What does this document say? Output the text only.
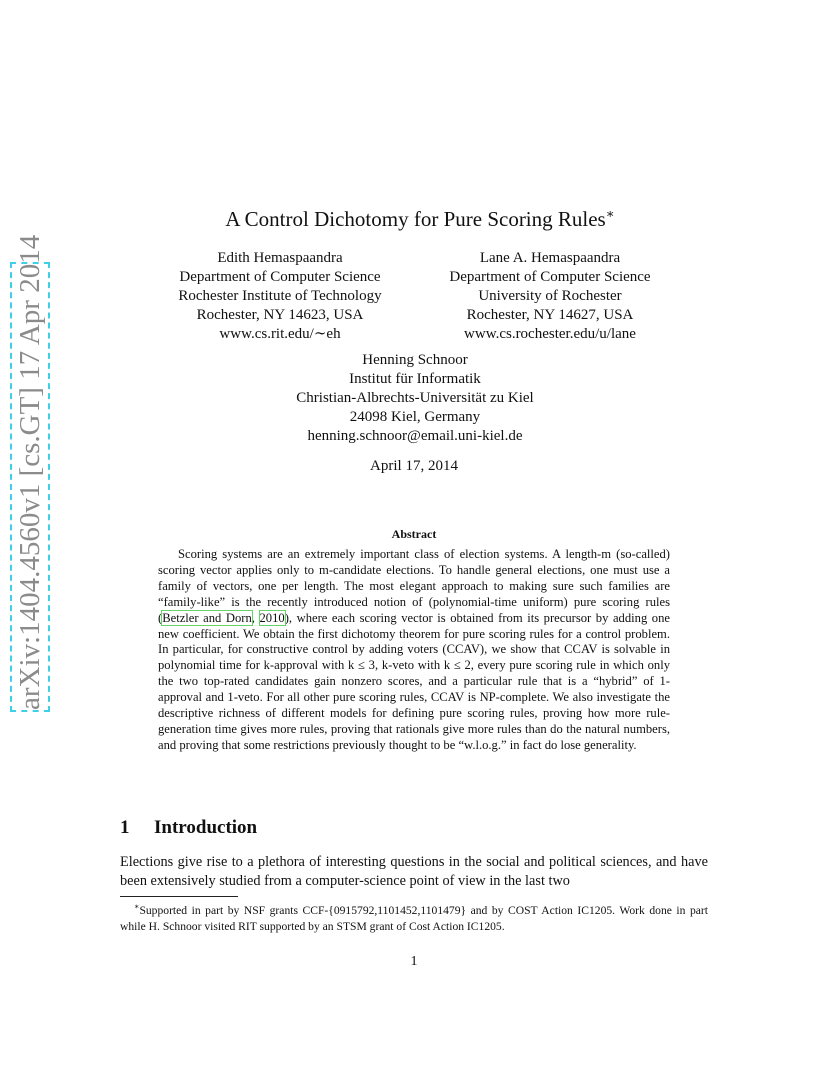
arXiv:1404.4560v1 [cs.GT] 17 Apr 2014
A Control Dichotomy for Pure Scoring Rules∗
Edith Hemaspaandra
Department of Computer Science
Rochester Institute of Technology
Rochester, NY 14623, USA
www.cs.rit.edu/∼eh
Lane A. Hemaspaandra
Department of Computer Science
University of Rochester
Rochester, NY 14627, USA
www.cs.rochester.edu/u/lane
Henning Schnoor
Institut für Informatik
Christian-Albrechts-Universität zu Kiel
24098 Kiel, Germany
henning.schnoor@email.uni-kiel.de
April 17, 2014
Abstract
Scoring systems are an extremely important class of election systems. A length-m (so-called) scoring vector applies only to m-candidate elections. To handle general elections, one must use a family of vectors, one per length. The most elegant approach to making sure such families are “family-like” is the recently introduced notion of (polynomial-time uniform) pure scoring rules (Betzler and Dorn, 2010), where each scoring vector is obtained from its precursor by adding one new coefficient. We obtain the first dichotomy theorem for pure scoring rules for a control problem. In particular, for constructive control by adding voters (CCAV), we show that CCAV is solvable in polynomial time for k-approval with k ≤ 3, k-veto with k ≤ 2, every pure scoring rule in which only the two top-rated candidates gain nonzero scores, and a particular rule that is a “hybrid” of 1-approval and 1-veto. For all other pure scoring rules, CCAV is NP-complete. We also investigate the descriptive richness of different models for defining pure scoring rules, proving how more rule-generation time gives more rules, proving that rationals give more rules than do the natural numbers, and proving that some restrictions previously thought to be “w.l.o.g.” in fact do lose generality.
1 Introduction
Elections give rise to a plethora of interesting questions in the social and political sciences, and have been extensively studied from a computer-science point of view in the last two
∗Supported in part by NSF grants CCF-{0915792,1101452,1101479} and by COST Action IC1205. Work done in part while H. Schnoor visited RIT supported by an STSM grant of Cost Action IC1205.
1
